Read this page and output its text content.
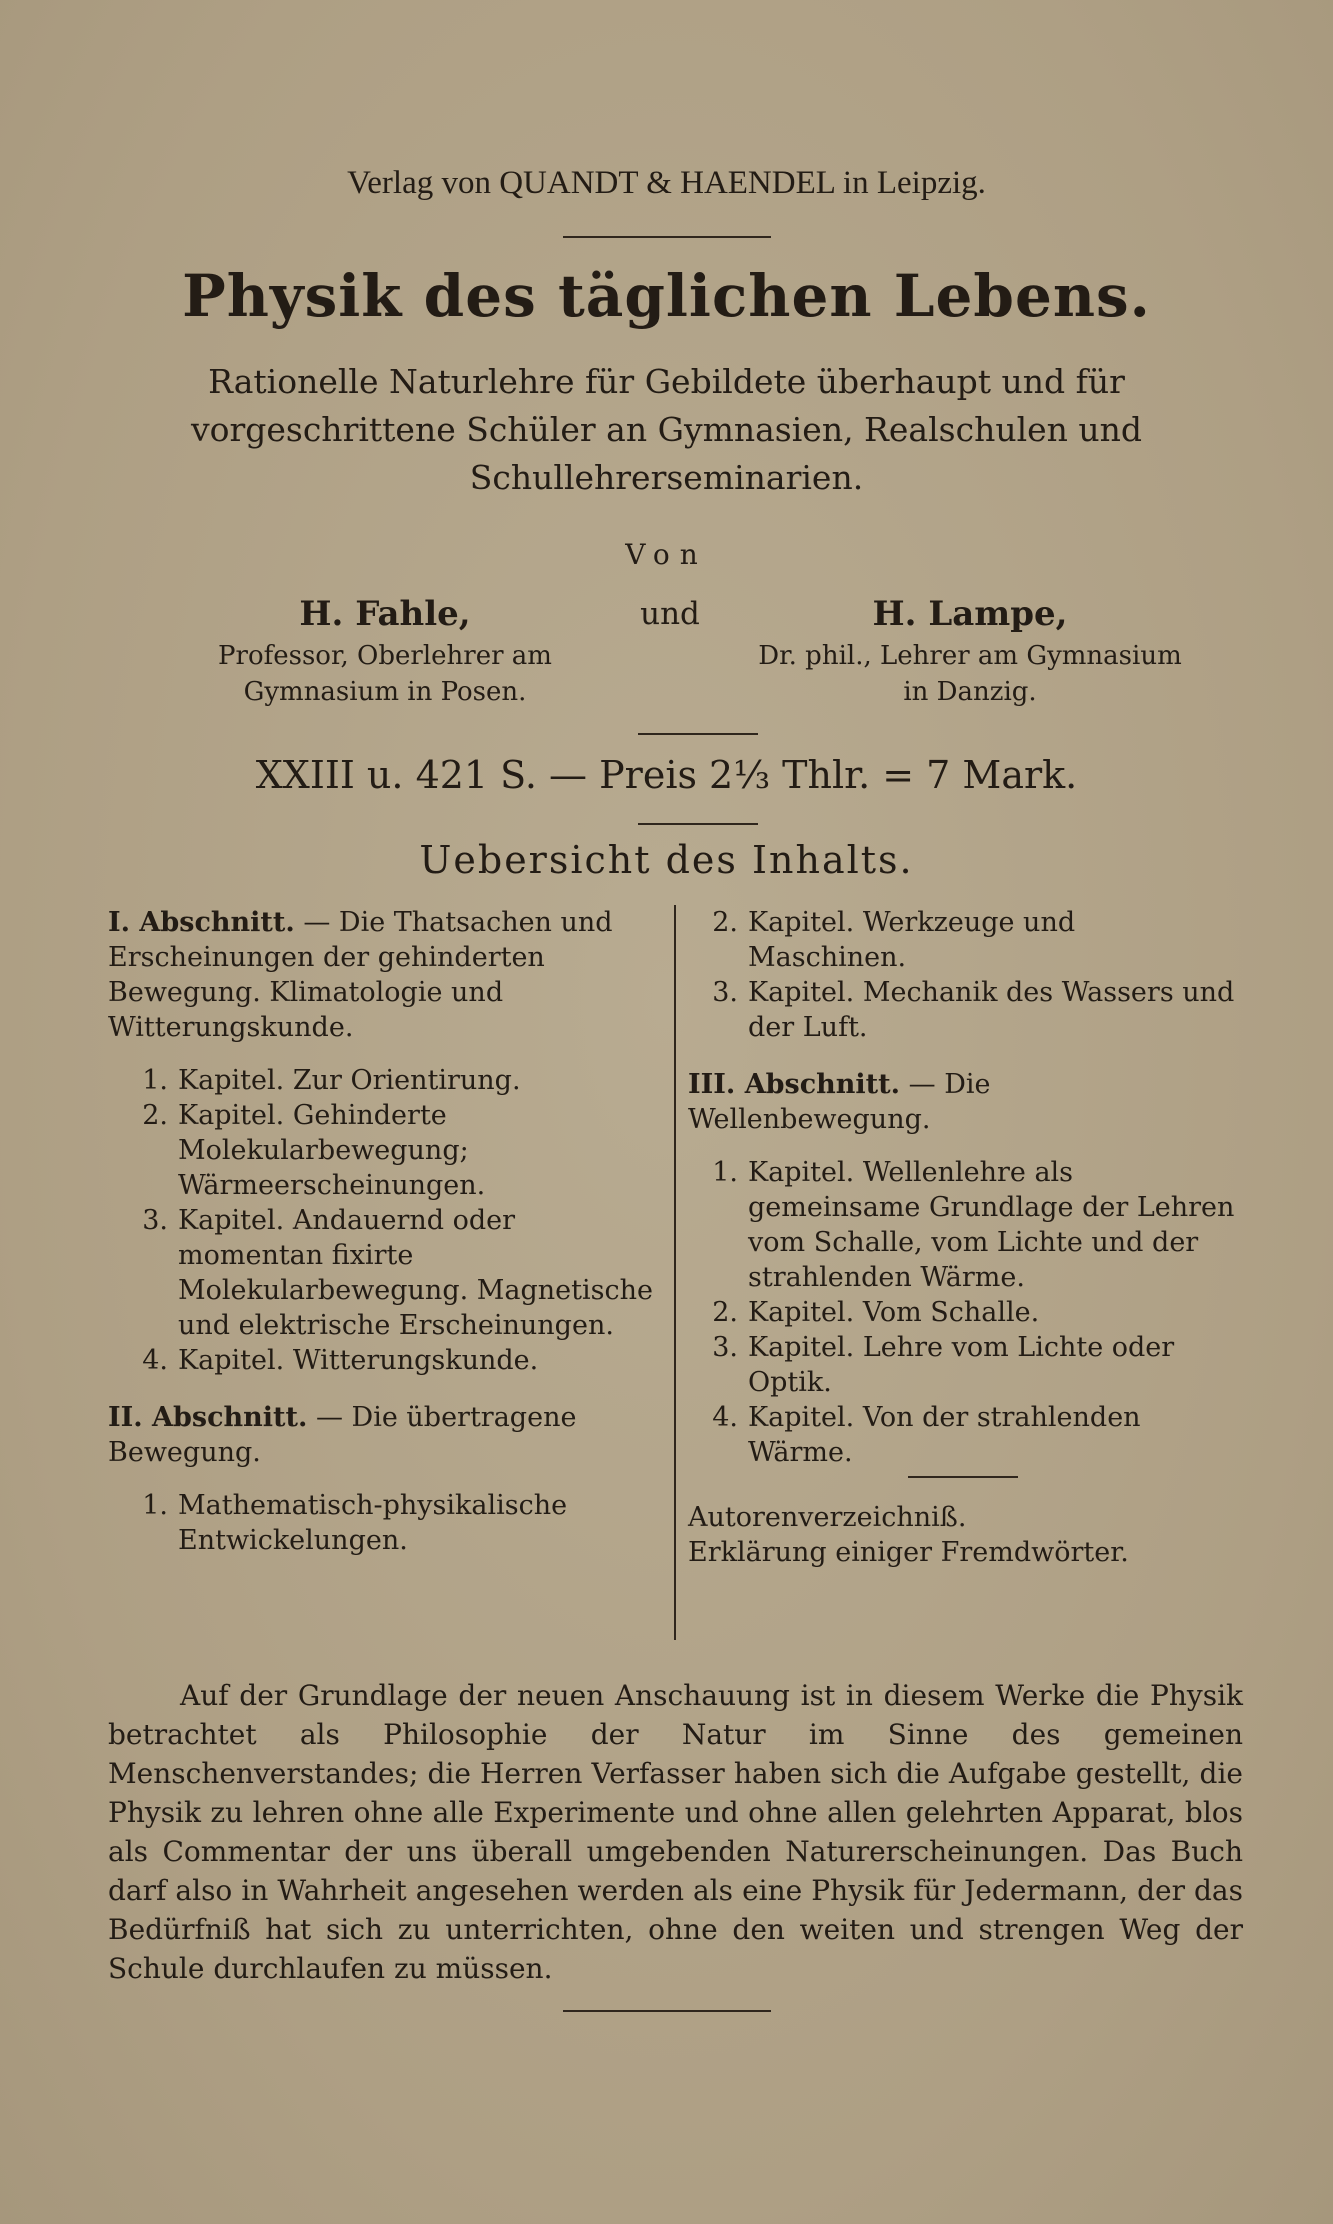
Verlag von QUANDT & HAENDEL in Leipzig.
Physik des täglichen Lebens.
Rationelle Naturlehre für Gebildete überhaupt und für vorgeschrittene Schüler an Gymnasien, Realschulen und Schullehrerseminarien.
Von
H. Fahle,
Professor, Oberlehrer am
Gymnasium in Posen.
und	H. Lampe,
Dr. phil., Lehrer am Gymnasium
in Danzig.
XXIII u. 421 S. — Preis 2⅓ Thlr. = 7 Mark.
Uebersicht des Inhalts.
I. Abschnitt. — Die Thatsachen und Erscheinungen der gehinderten Bewegung. Klimatologie und Witterungskunde.
1. Kapitel. Zur Orientirung.
2. Kapitel. Gehinderte Molekularbewegung; Wärmeerscheinungen.
3. Kapitel. Andauernd oder momentan fixirte Molekularbewegung. Magnetische und elektrische Erscheinungen.
4. Kapitel. Witterungskunde.
II. Abschnitt. — Die übertragene Bewegung.
1. Mathematisch-physikalische Entwickelungen.
2. Kapitel. Werkzeuge und Maschinen.
3. Kapitel. Mechanik des Wassers und der Luft.
III. Abschnitt. — Die Wellenbewegung.
1. Kapitel. Wellenlehre als gemeinsame Grundlage der Lehren vom Schalle, vom Lichte und der strahlenden Wärme.
2. Kapitel. Vom Schalle.
3. Kapitel. Lehre vom Lichte oder Optik.
4. Kapitel. Von der strahlenden Wärme.
Autorenverzeichniß.
Erklärung einiger Fremdwörter.
Auf der Grundlage der neuen Anschauung ist in diesem Werke die Physik betrachtet als Philosophie der Natur im Sinne des gemeinen Menschenverstandes; die Herren Verfasser haben sich die Aufgabe gestellt, die Physik zu lehren ohne alle Experimente und ohne allen gelehrten Apparat, blos als Commentar der uns überall umgebenden Naturerscheinungen. Das Buch darf also in Wahrheit angesehen werden als eine Physik für Jedermann, der das Bedürfniß hat sich zu unterrichten, ohne den weiten und strengen Weg der Schule durchlaufen zu müssen.
